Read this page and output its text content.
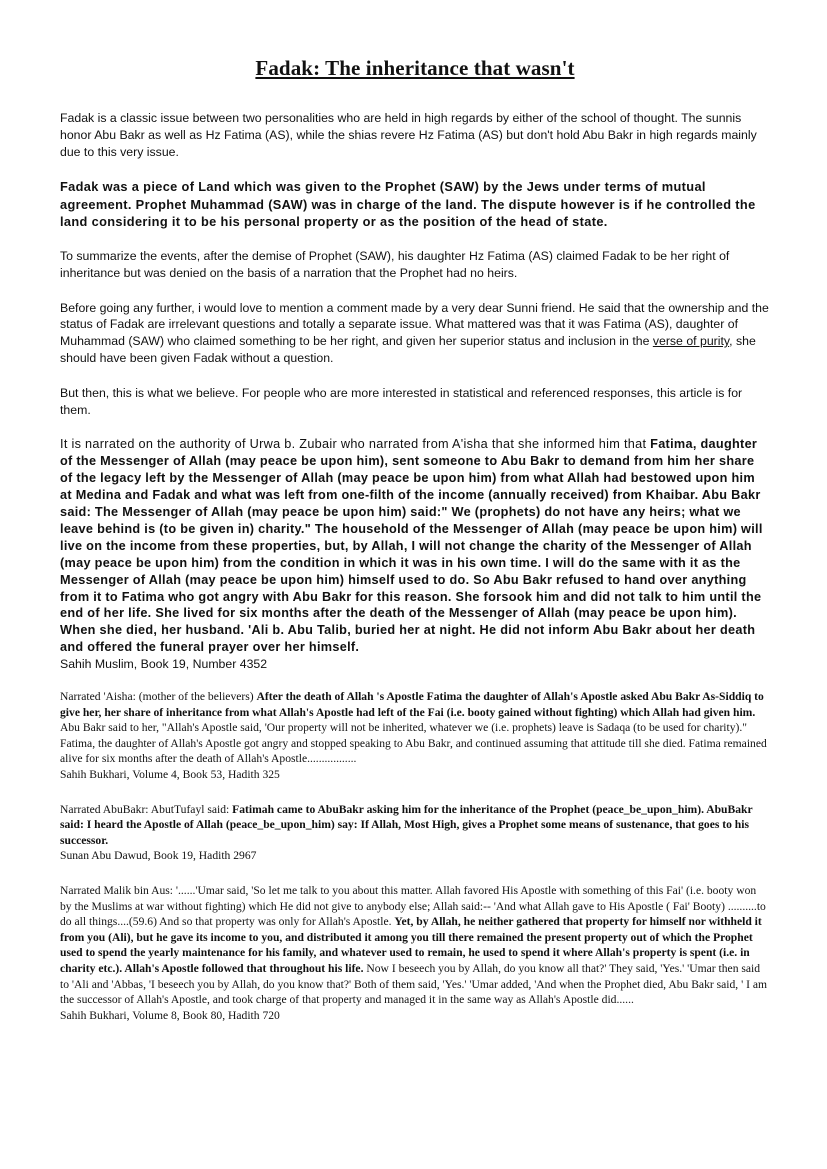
Fadak: The inheritance that wasn't

Fadak is a classic issue between two personalities who are held in high regards by either of the school of thought. The sunnis honor Abu Bakr as well as Hz Fatima (AS), while the shias revere Hz Fatima (AS) but don't hold Abu Bakr in high regards mainly due to this very issue.

Fadak was a piece of Land which was given to the Prophet (SAW) by the Jews under terms of mutual agreement. Prophet Muhammad (SAW) was in charge of the land. The dispute however is if he controlled the land considering it to be his personal property or as the position of the head of state.

To summarize the events, after the demise of Prophet (SAW), his daughter Hz Fatima (AS) claimed Fadak to be her right of inheritance but was denied on the basis of a narration that the Prophet had no heirs.

Before going any further, i would love to mention a comment made by a very dear Sunni friend. He said that the ownership and the status of Fadak are irrelevant questions and totally a separate issue. What mattered was that it was Fatima (AS), daughter of Muhammad (SAW) who claimed something to be her right, and given her superior status and inclusion in the verse of purity, she should have been given Fadak without a question.

But then, this is what we believe. For people who are more interested in statistical and referenced responses, this article is for them.

It is narrated on the authority of Urwa b. Zubair who narrated from A'isha that she informed him that Fatima, daughter of the Messenger of Allah (may peace be upon him), sent someone to Abu Bakr to demand from him her share of the legacy left by the Messenger of Allah (may peace be upon him) from what Allah had bestowed upon him at Medina and Fadak and what was left from one-filth of the income (annually received) from Khaibar. Abu Bakr said: The Messenger of Allah (may peace be upon him) said:" We (prophets) do not have any heirs; what we leave behind is (to be given in) charity." The household of the Messenger of Allah (may peace be upon him) will live on the income from these properties, but, by Allah, I will not change the charity of the Messenger of Allah (may peace be upon him) from the condition in which it was in his own time. I will do the same with it as the Messenger of Allah (may peace be upon him) himself used to do. So Abu Bakr refused to hand over anything from it to Fatima who got angry with Abu Bakr for this reason. She forsook him and did not talk to him until the end of her life. She lived for six months after the death of the Messenger of Allah (may peace be upon him). When she died, her husband. 'Ali b. Abu Talib, buried her at night. He did not inform Abu Bakr about her death and offered the funeral prayer over her himself.
Sahih Muslim, Book 19, Number 4352

Narrated 'Aisha: (mother of the believers) After the death of Allah 's Apostle Fatima the daughter of Allah's Apostle asked Abu Bakr As-Siddiq to give her, her share of inheritance from what Allah's Apostle had left of the Fai (i.e. booty gained without fighting) which Allah had given him. Abu Bakr said to her, "Allah's Apostle said, 'Our property will not be inherited, whatever we (i.e. prophets) leave is Sadaqa (to be used for charity)." Fatima, the daughter of Allah's Apostle got angry and stopped speaking to Abu Bakr, and continued assuming that attitude till she died. Fatima remained alive for six months after the death of Allah's Apostle.................
Sahih Bukhari, Volume 4, Book 53, Hadith 325

Narrated AbuBakr: AbutTufayl said: Fatimah came to AbuBakr asking him for the inheritance of the Prophet (peace_be_upon_him). AbuBakr said: I heard the Apostle of Allah (peace_be_upon_him) say: If Allah, Most High, gives a Prophet some means of sustenance, that goes to his successor.
Sunan Abu Dawud, Book 19, Hadith 2967

Narrated Malik bin Aus: '......'Umar said, 'So let me talk to you about this matter. Allah favored His Apostle with something of this Fai' (i.e. booty won by the Muslims at war without fighting) which He did not give to anybody else; Allah said:-- 'And what Allah gave to His Apostle ( Fai' Booty) ..........to do all things....(59.6) And so that property was only for Allah's Apostle. Yet, by Allah, he neither gathered that property for himself nor withheld it from you (Ali), but he gave its income to you, and distributed it among you till there remained the present property out of which the Prophet used to spend the yearly maintenance for his family, and whatever used to remain, he used to spend it where Allah's property is spent (i.e. in charity etc.). Allah's Apostle followed that throughout his life. Now I beseech you by Allah, do you know all that?' They said, 'Yes.' 'Umar then said to 'Ali and 'Abbas, 'I beseech you by Allah, do you know that?' Both of them said, 'Yes.' 'Umar added, 'And when the Prophet died, Abu Bakr said, ' I am the successor of Allah's Apostle, and took charge of that property and managed it in the same way as Allah's Apostle did......
Sahih Bukhari, Volume 8, Book 80, Hadith 720
